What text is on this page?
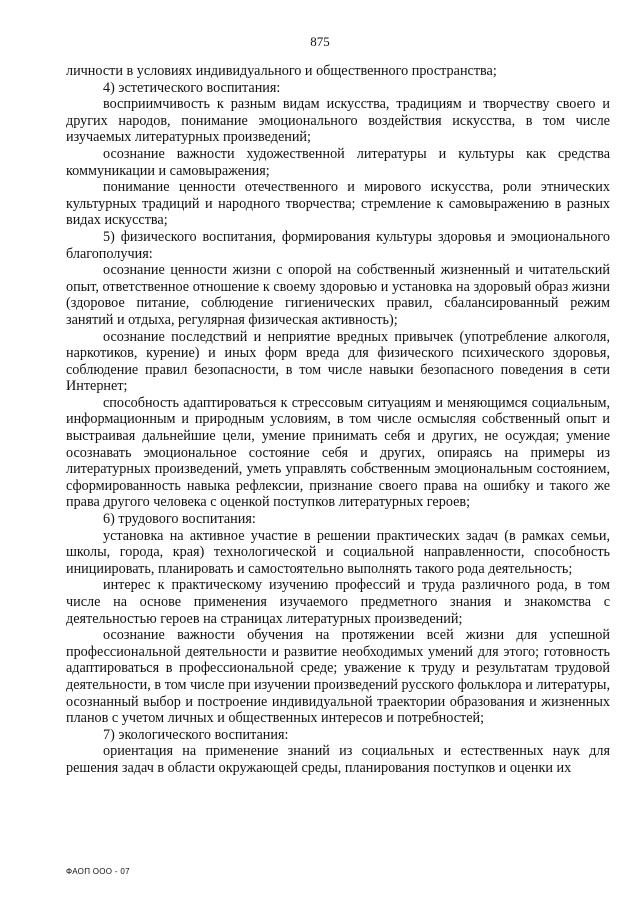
875

личности в условиях индивидуального и общественного пространства;

4) эстетического воспитания:

восприимчивость к разным видам искусства, традициям и творчеству своего и других народов, понимание эмоционального воздействия искусства, в том числе изучаемых литературных произведений;

осознание важности художественной литературы и культуры как средства коммуникации и самовыражения;

понимание ценности отечественного и мирового искусства, роли этнических культурных традиций и народного творчества; стремление к самовыражению в разных видах искусства;

5) физического воспитания, формирования культуры здоровья и эмоционального благополучия:

осознание ценности жизни с опорой на собственный жизненный и читательский опыт, ответственное отношение к своему здоровью и установка на здоровый образ жизни (здоровое питание, соблюдение гигиенических правил, сбалансированный режим занятий и отдыха, регулярная физическая активность);

осознание последствий и неприятие вредных привычек (употребление алкоголя, наркотиков, курение) и иных форм вреда для физического психического здоровья, соблюдение правил безопасности, в том числе навыки безопасного поведения в сети Интернет;

способность адаптироваться к стрессовым ситуациям и меняющимся социальным, информационным и природным условиям, в том числе осмысляя собственный опыт и выстраивая дальнейшие цели, умение принимать себя и других, не осуждая; умение осознавать эмоциональное состояние себя и других, опираясь на примеры из литературных произведений, уметь управлять собственным эмоциональным состоянием, сформированность навыка рефлексии, признание своего права на ошибку и такого же права другого человека с оценкой поступков литературных героев;

6) трудового воспитания:

установка на активное участие в решении практических задач (в рамках семьи, школы, города, края) технологической и социальной направленности, способность инициировать, планировать и самостоятельно выполнять такого рода деятельность;

интерес к практическому изучению профессий и труда различного рода, в том числе на основе применения изучаемого предметного знания и знакомства с деятельностью героев на страницах литературных произведений;

осознание важности обучения на протяжении всей жизни для успешной профессиональной деятельности и развитие необходимых умений для этого; готовность адаптироваться в профессиональной среде; уважение к труду и результатам трудовой деятельности, в том числе при изучении произведений русского фольклора и литературы, осознанный выбор и построение индивидуальной траектории образования и жизненных планов с учетом личных и общественных интересов и потребностей;

7) экологического воспитания:

ориентация на применение знаний из социальных и естественных наук для решения задач в области окружающей среды, планирования поступков и оценки их

ФАОП ООО - 07
